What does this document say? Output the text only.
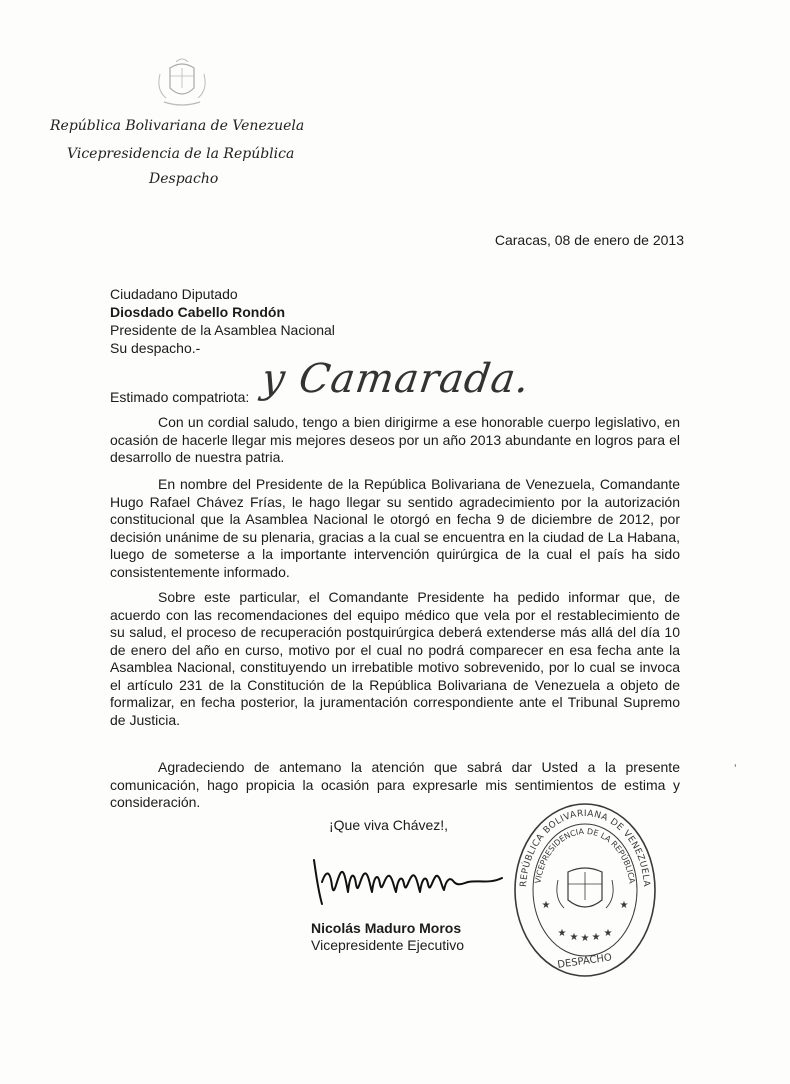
República Bolivariana de Venezuela
Vicepresidencia de la República
Despacho
Caracas, 08 de enero de 2013
Ciudadano Diputado
Diosdado Cabello Rondón
Presidente de la Asamblea Nacional
Su despacho.-
Estimado compatriota: y Camarada.
Con un cordial saludo, tengo a bien dirigirme a ese honorable cuerpo legislativo, en ocasión de hacerle llegar mis mejores deseos por un año 2013 abundante en logros para el desarrollo de nuestra patria.
En nombre del Presidente de la República Bolivariana de Venezuela, Comandante Hugo Rafael Chávez Frías, le hago llegar su sentido agradecimiento por la autorización constitucional que la Asamblea Nacional le otorgó en fecha 9 de diciembre de 2012, por decisión unánime de su plenaria, gracias a la cual se encuentra en la ciudad de La Habana, luego de someterse a la importante intervención quirúrgica de la cual el país ha sido consistentemente informado.
Sobre este particular, el Comandante Presidente ha pedido informar que, de acuerdo con las recomendaciones del equipo médico que vela por el restablecimiento de su salud, el proceso de recuperación postquirúrgica deberá extenderse más allá del día 10 de enero del año en curso, motivo por el cual no podrá comparecer en esa fecha ante la Asamblea Nacional, constituyendo un irrebatible motivo sobrevenido, por lo cual se invoca el artículo 231 de la Constitución de la República Bolivariana de Venezuela a objeto de formalizar, en fecha posterior, la juramentación correspondiente ante el Tribunal Supremo de Justicia.
Agradeciendo de antemano la atención que sabrá dar Usted a la presente comunicación, hago propicia la ocasión para expresarle mis sentimientos de estima y consideración.
¡Que viva Chávez!,
Nicolás Maduro Moros
Vicepresidente Ejecutivo
REPÚBLICA BOLIVARIANA DE VENEZUELA
VICEPRESIDENCIA DE LA REPÚBLICA
★	★
★ ★ ★ ★ ★
DESPACHO
ʼ
